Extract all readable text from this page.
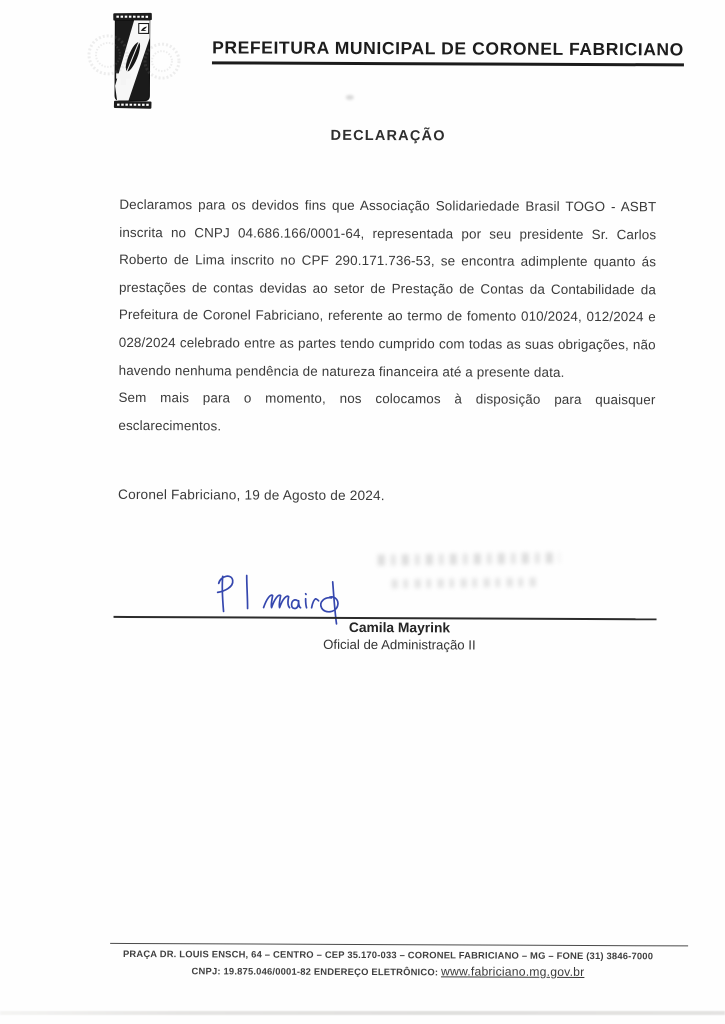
PREFEITURA MUNICIPAL DE CORONEL FABRICIANO
DECLARAÇÃO
Declaramos para os devidos fins que Associação Solidariedade Brasil TOGO - ASBT
inscrita no CNPJ 04.686.166/0001-64, representada por seu presidente Sr. Carlos
Roberto de Lima inscrito no CPF 290.171.736-53, se encontra adimplente quanto ás
prestações de contas devidas ao setor de Prestação de Contas da Contabilidade da
Prefeitura de Coronel Fabriciano, referente ao termo de fomento 010/2024, 012/2024 e
028/2024 celebrado entre as partes tendo cumprido com todas as suas obrigações, não
havendo nenhuma pendência de natureza financeira até a presente data.
Sem mais para o momento, nos colocamos à disposição para quaisquer
esclarecimentos.
Coronel Fabriciano, 19 de Agosto de 2024.
Camila Mayrink
Oficial de Administração II
PRAÇA DR. LOUIS ENSCH, 64 – CENTRO – CEP 35.170-033 – CORONEL FABRICIANO – MG – FONE (31) 3846-7000
CNPJ: 19.875.046/0001-82 ENDEREÇO ELETRÔNICO: www.fabriciano.mg.gov.br
